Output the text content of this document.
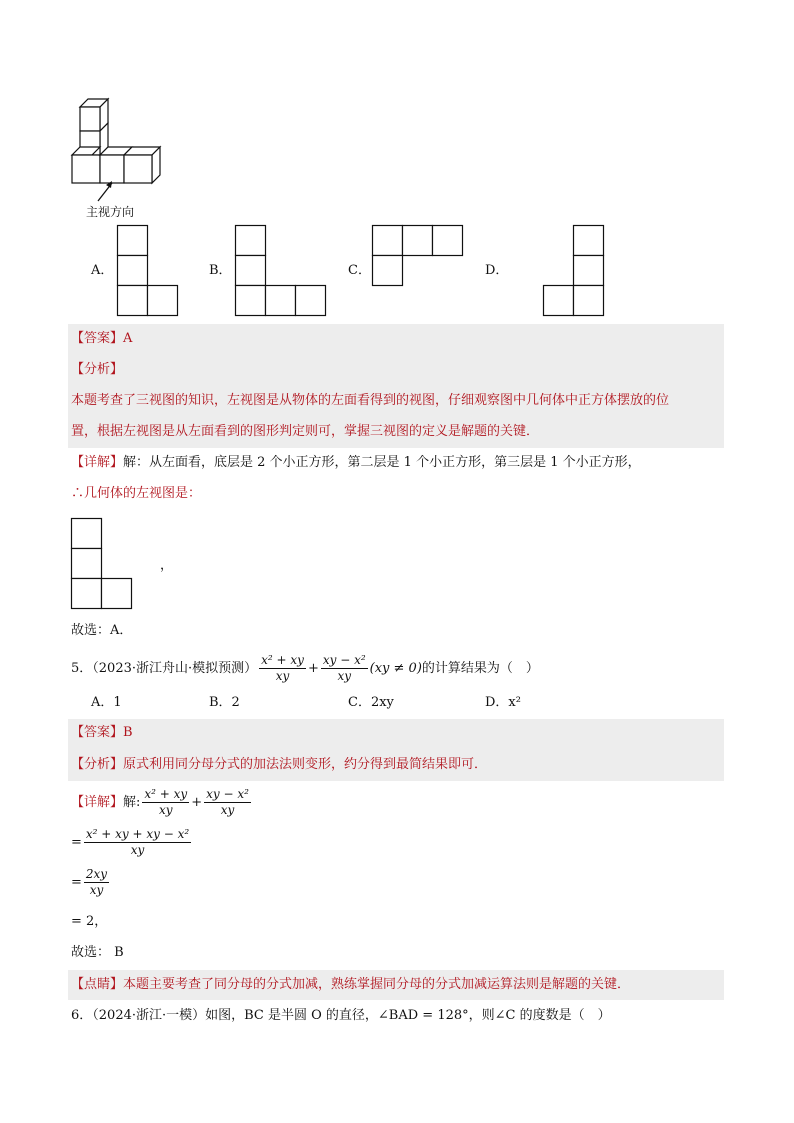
主视方向
A．	B．	C．	D．
【答案】A
【分析】
本题考查了三视图的知识，左视图是从物体的左面看得到的视图，仔细观察图中几何体中正方体摆放的位
置，根据左视图是从左面看到的图形判定则可，掌握三视图的定义是解题的关键．
【详解】解：从左面看，底层是 2 个小正方形，第二层是 1 个小正方形，第三层是 1 个小正方形，
∴几何体的左视图是：
，
故选：A．
5．（2023·浙江舟山·模拟预测） $\frac{\text{x² + xy}}{xy} + \frac{\text{xy − x²}}{xy} (xy \ne 0)$的计算结果为（　）
A．1	B．2	C．2xy	D．x²
【答案】B
【分析】原式利用同分母分式的加法法则变形，约分得到最简结果即可．
【详解】解: $\frac{\text{x² + xy}}{xy} + \frac{\text{xy − x²}}{xy}$
= $\frac{\text{x² + xy + xy − x²}}{xy}$
= $\frac{2xy}{xy}$
= 2，
故选： B
【点睛】本题主要考查了同分母的分式加减，熟练掌握同分母的分式加减运算法则是解题的关键．
6．（2024·浙江·一模）如图，BC 是半圆 O 的直径，∠BAD = 128°，则∠C 的度数是（　）
